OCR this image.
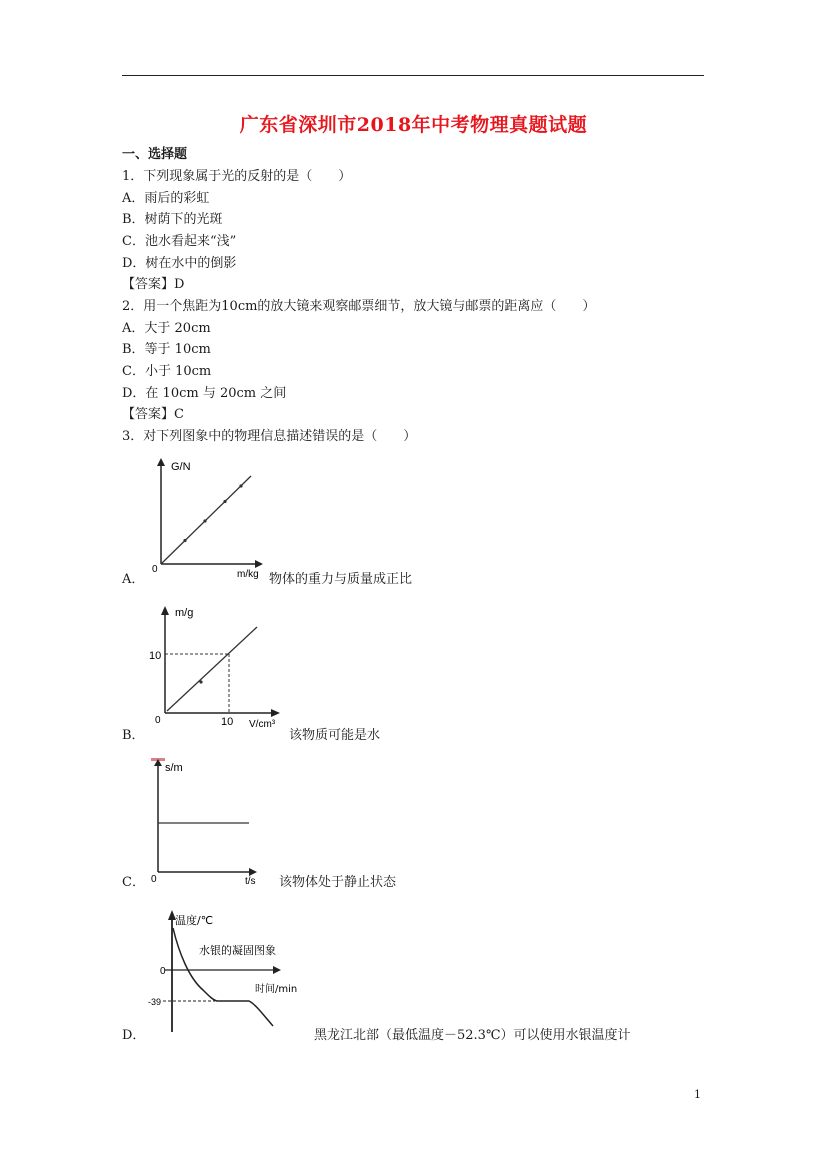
广东省深圳市2018年中考物理真题试题
一、选择题
1．下列现象属于光的反射的是（　　）
A．雨后的彩虹
B．树荫下的光斑
C．池水看起来“浅”
D．树在水中的倒影
【答案】D
2．用一个焦距为10cm的放大镜来观察邮票细节，放大镜与邮票的距离应（　　）
A．大于 20cm
B．等于 10cm
C．小于 10cm
D．在 10cm 与 20cm 之间
【答案】C
3．对下列图象中的物理信息描述错误的是（　　）
G/N
m/kg
0
A．	物体的重力与质量成正比
m/g
10
10 V/cm³
0
B．	该物质可能是水
s/m
t/s
0
C．	该物体处于静止状态
温度/℃
水银的凝固图象
0
时间/min
-39
D．	黑龙江北部（最低温度－52.3℃）可以使用水银温度计
1
